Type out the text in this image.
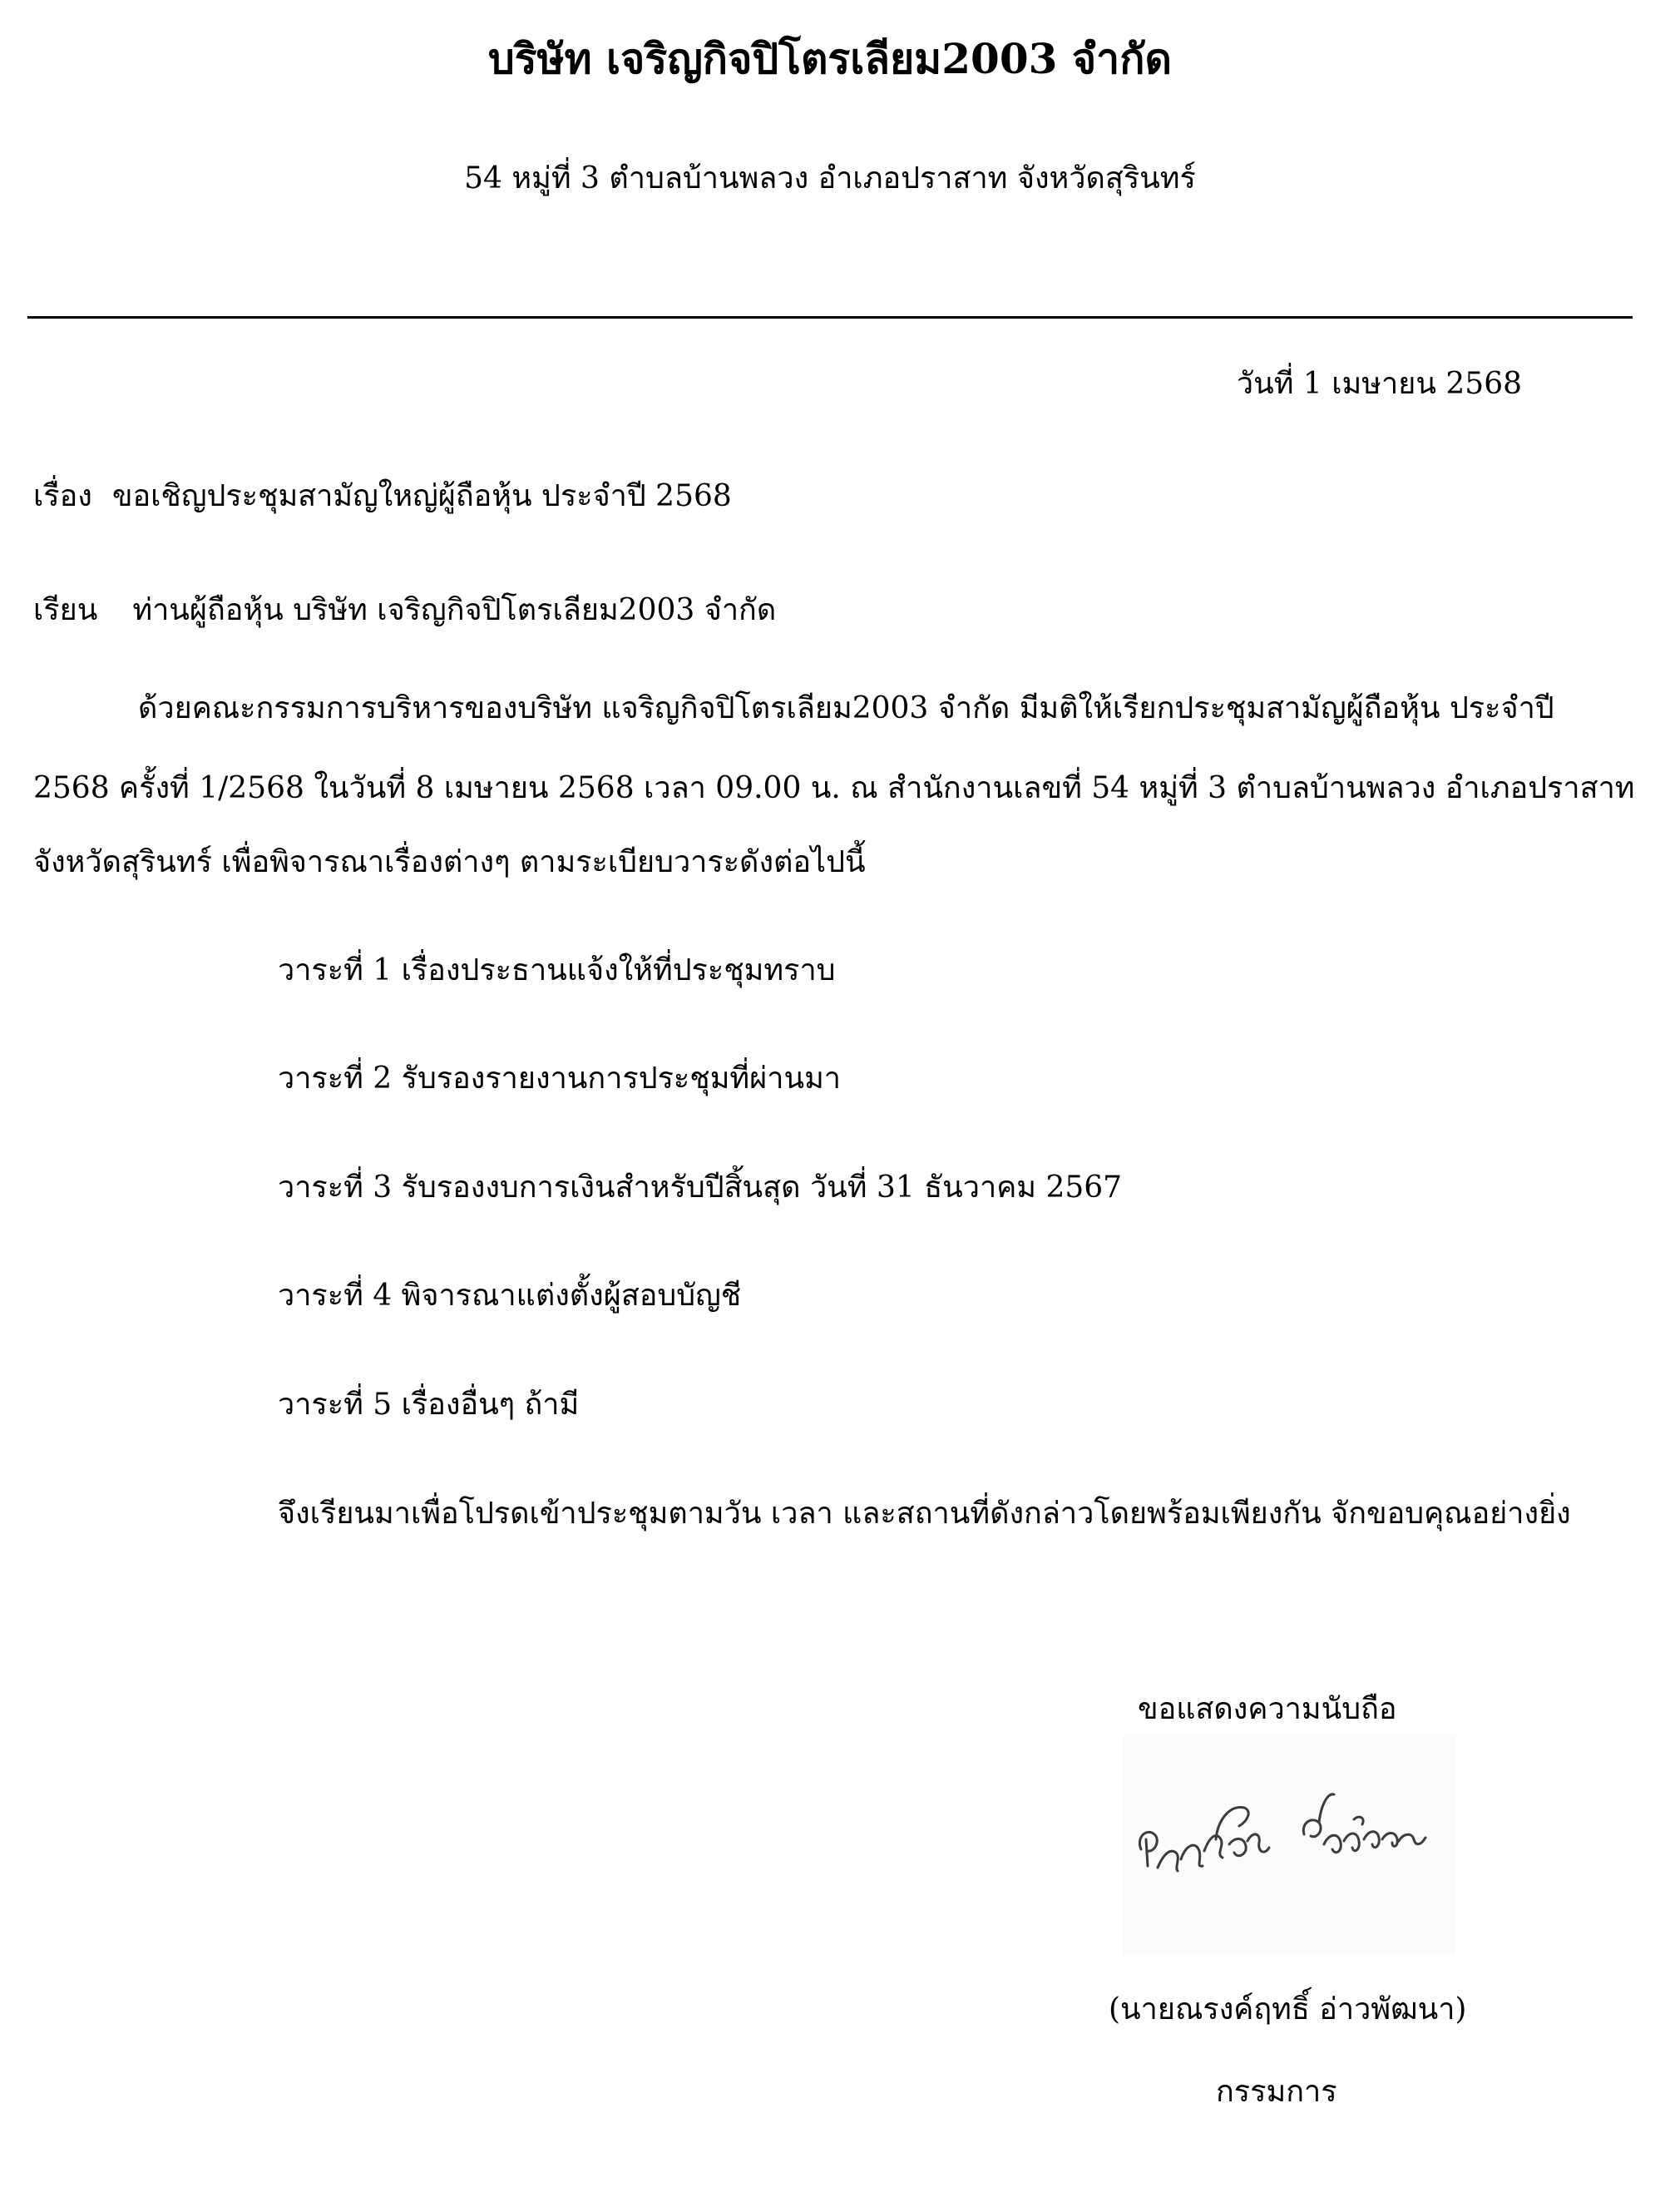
บริษัท เจริญกิจปิโตรเลียม2003 จำกัด
54 หมู่ที่ 3 ตำบลบ้านพลวง อำเภอปราสาท จังหวัดสุรินทร์
วันที่ 1 เมษายน 2568
เรื่อง ขอเชิญประชุมสามัญใหญ่ผู้ถือหุ้น ประจำปี 2568
เรียน ท่านผู้ถือหุ้น บริษัท เจริญกิจปิโตรเลียม2003 จำกัด
ด้วยคณะกรรมการบริหารของบริษัท แจริญกิจปิโตรเลียม2003 จำกัด มีมติให้เรียกประชุมสามัญผู้ถือหุ้น ประจำปี
2568 ครั้งที่ 1/2568 ในวันที่ 8 เมษายน 2568 เวลา 09.00 น. ณ สำนักงานเลขที่ 54 หมู่ที่ 3 ตำบลบ้านพลวง อำเภอปราสาท
จังหวัดสุรินทร์ เพื่อพิจารณาเรื่องต่างๆ ตามระเบียบวาระดังต่อไปนี้
วาระที่ 1 เรื่องประธานแจ้งให้ที่ประชุมทราบ
วาระที่ 2 รับรองรายงานการประชุมที่ผ่านมา
วาระที่ 3 รับรองงบการเงินสำหรับปีสิ้นสุด วันที่ 31 ธันวาคม 2567
วาระที่ 4 พิจารณาแต่งตั้งผู้สอบบัญชี
วาระที่ 5 เรื่องอื่นๆ ถ้ามี
จึงเรียนมาเพื่อโปรดเข้าประชุมตามวัน เวลา และสถานที่ดังกล่าวโดยพร้อมเพียงกัน จักขอบคุณอย่างยิ่ง
ขอแสดงความนับถือ
(นายณรงค์ฤทธิ์ อ่าวพัฒนา)
กรรมการ
